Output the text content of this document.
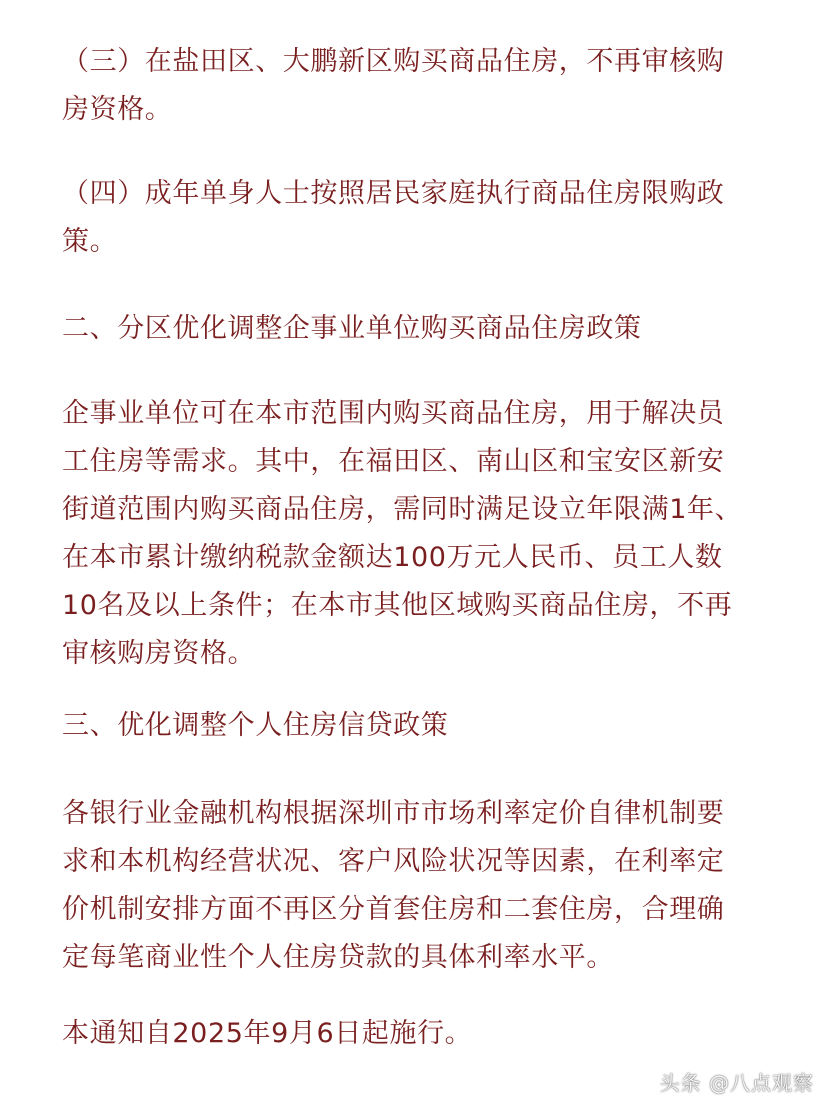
（三）在盐田区、大鹏新区购买商品住房，不再审核购
房资格。

（四）成年单身人士按照居民家庭执行商品住房限购政
策。

二、分区优化调整企事业单位购买商品住房政策

企事业单位可在本市范围内购买商品住房，用于解决员
工住房等需求。其中，在福田区、南山区和宝安区新安
街道范围内购买商品住房，需同时满足设立年限满1年、
在本市累计缴纳税款金额达100万元人民币、员工人数
10名及以上条件；在本市其他区域购买商品住房，不再
审核购房资格。

三、优化调整个人住房信贷政策

各银行业金融机构根据深圳市市场利率定价自律机制要
求和本机构经营状况、客户风险状况等因素，在利率定
价机制安排方面不再区分首套住房和二套住房，合理确
定每笔商业性个人住房贷款的具体利率水平。

本通知自2025年9月6日起施行。

头条 @八点观察
